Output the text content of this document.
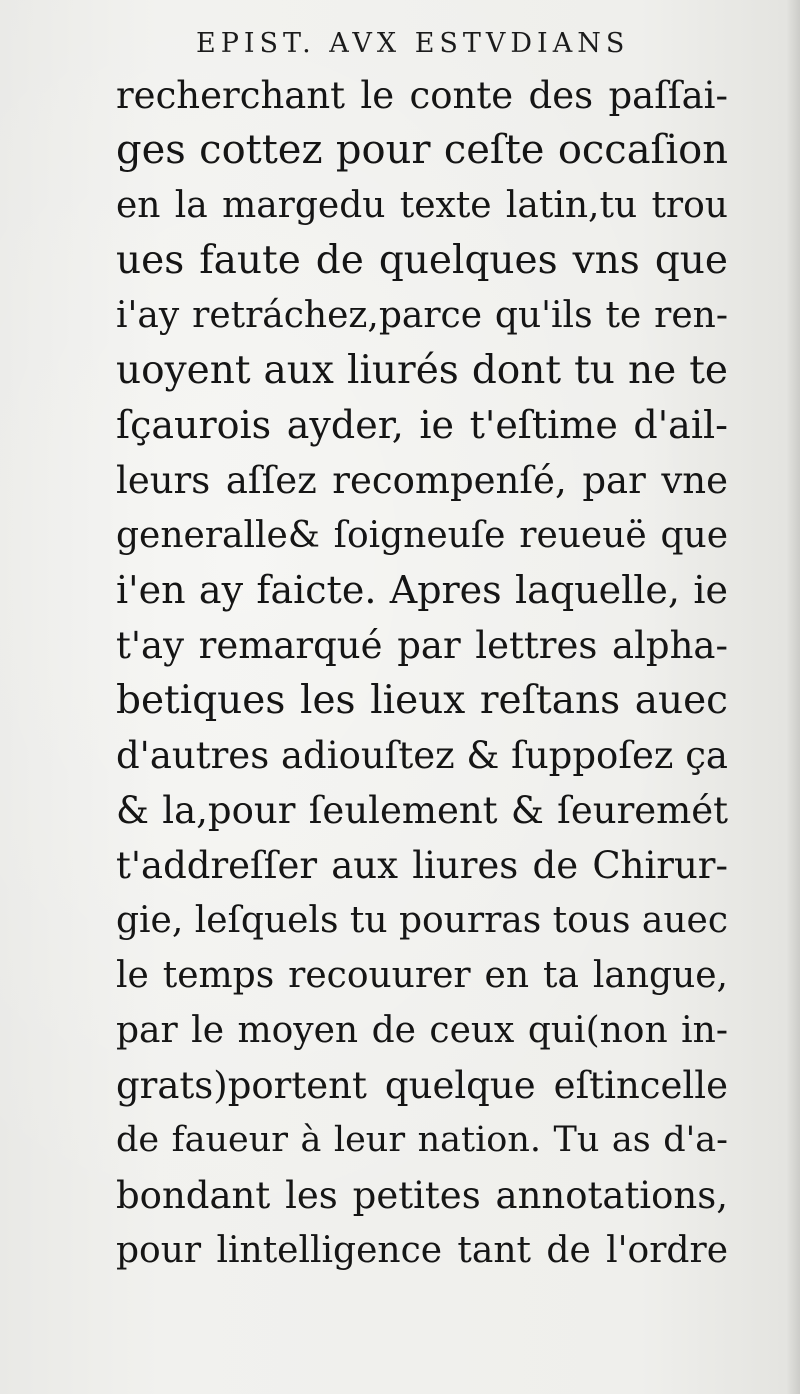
EPIST. AVX ESTVDIANS
recherchant le conte des paſſai-
ges cottez pour ceſte occaſion
en la margedu texte latin,tu trou
ues faute de quelques vns que
i'ay retráchez,parce qu'ils te ren-
uoyent aux liurés dont tu ne te
ſçaurois ayder, ie t'eſtime d'ail-
leurs aſſez recompenſé, par vne
generalle& ſoigneuſe reueuë que
i'en ay faicte. Apres laquelle, ie
t'ay remarqué par lettres alpha-
betiques les lieux reſtans auec
d'autres adiouſtez & ſuppoſez ça
& la,pour ſeulement & ſeuremét
t'addreſſer aux liures de Chirur-
gie, leſquels tu pourras tous auec
le temps recouurer en ta langue,
par le moyen de ceux qui(non in-
grats)portent quelque eſtincelle
de faueur à leur nation. Tu as d'a-
bondant les petites annotations,
pour lintelligence tant de l'ordre
